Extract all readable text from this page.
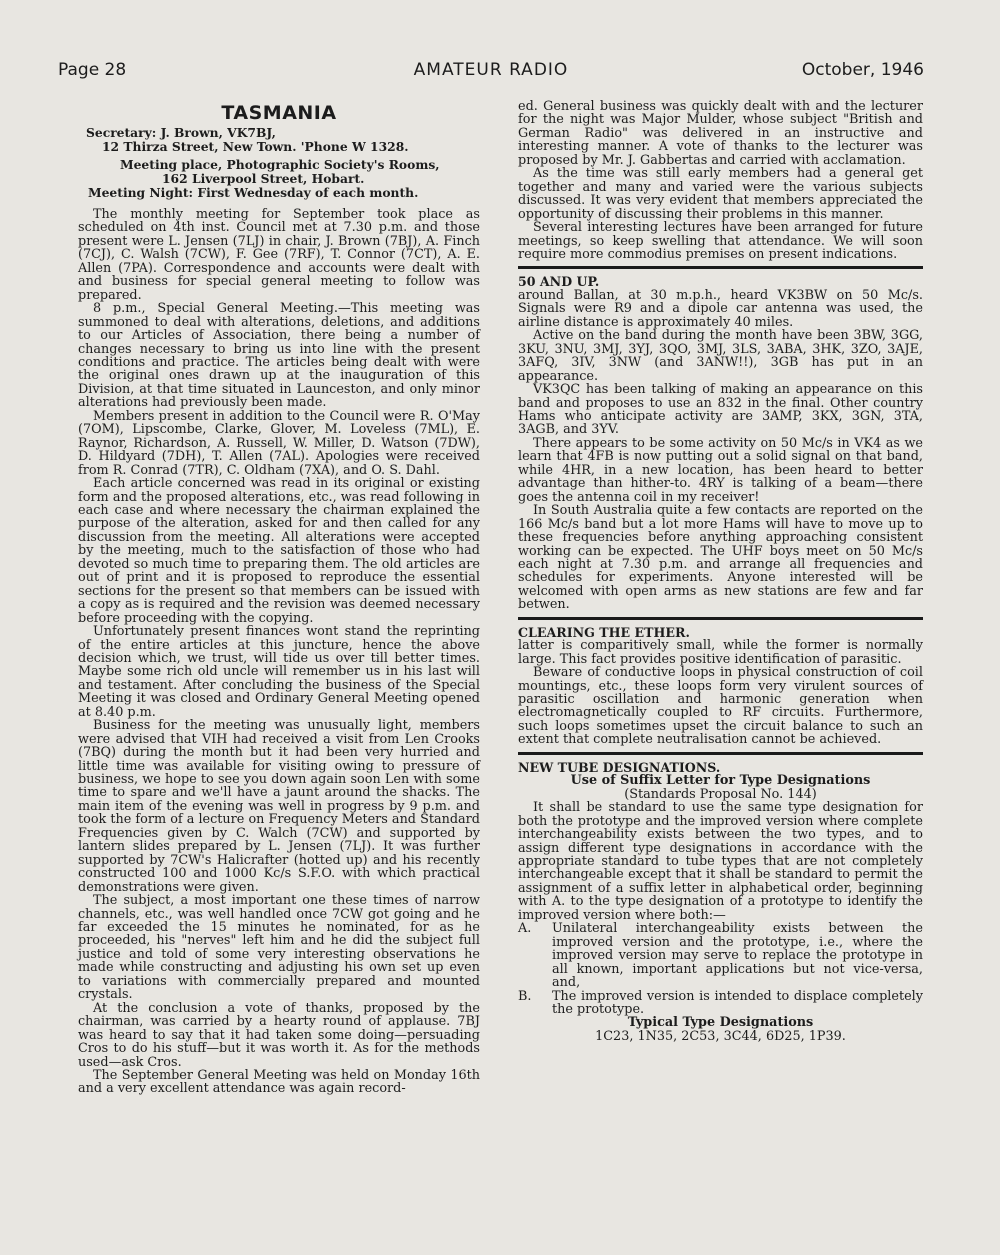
Page 28	AMATEUR RADIO	October, 1946
TASMANIA

Secretary: J. Brown, VK7BJ,

12 Thirza Street, New Town. 'Phone W 1328.

Meeting place, Photographic Society's Rooms,

162 Liverpool Street, Hobart.

Meeting Night: First Wednesday of each month.

The monthly meeting for September took place as scheduled on 4th inst. Council met at 7.30 p.m. and those present were L. Jensen (7LJ) in chair, J. Brown (7BJ), A. Finch (7CJ), C. Walsh (7CW), F. Gee (7RF), T. Connor (7CT), A. E. Allen (7PA). Correspondence and accounts were dealt with and business for special general meeting to follow was prepared.

8 p.m., Special General Meeting.—This meeting was summoned to deal with alterations, deletions, and additions to our Articles of Association, there being a number of changes necessary to bring us into line with the present conditions and practice. The articles being dealt with were the original ones drawn up at the inauguration of this Division, at that time situated in Launceston, and only minor alterations had previously been made.

Members present in addition to the Council were R. O'May (7OM), Lipscombe, Clarke, Glover, M. Loveless (7ML), E. Raynor, Richardson, A. Russell, W. Miller, D. Watson (7DW), D. Hildyard (7DH), T. Allen (7AL). Apologies were received from R. Conrad (7TR), C. Oldham (7XA), and O. S. Dahl.

Each article concerned was read in its original or existing form and the proposed alterations, etc., was read following in each case and where necessary the chairman explained the purpose of the alteration, asked for and then called for any discussion from the meeting. All alterations were accepted by the meeting, much to the satisfaction of those who had devoted so much time to preparing them. The old articles are out of print and it is proposed to reproduce the essential sections for the present so that members can be issued with a copy as is required and the revision was deemed necessary before proceeding with the copying.

Unfortunately present finances wont stand the reprinting of the entire articles at this juncture, hence the above decision which, we trust, will tide us over till better times. Maybe some rich old uncle will remember us in his last will and testament. After concluding the business of the Special Meeting it was closed and Ordinary General Meeting opened at 8.40 p.m.

Business for the meeting was unusually light, members were advised that VIH had received a visit from Len Crooks (7BQ) during the month but it had been very hurried and little time was available for visiting owing to pressure of business, we hope to see you down again soon Len with some time to spare and we'll have a jaunt around the shacks. The main item of the evening was well in progress by 9 p.m. and took the form of a lecture on Frequency Meters and Standard Frequencies given by C. Walch (7CW) and supported by lantern slides prepared by L. Jensen (7LJ). It was further supported by 7CW's Halicrafter (hotted up) and his recently constructed 100 and 1000 Kc/s S.F.O. with which practical demonstrations were given.

The subject, a most important one these times of narrow channels, etc., was well handled once 7CW got going and he far exceeded the 15 minutes he nominated, for as he proceeded, his "nerves" left him and he did the subject full justice and told of some very interesting observations he made while constructing and adjusting his own set up even to variations with commercially prepared and mounted crystals.

At the conclusion a vote of thanks, proposed by the chairman, was carried by a hearty round of applause. 7BJ was heard to say that it had taken some doing—persuading Cros to do his stuff—but it was worth it. As for the methods used—ask Cros.

The September General Meeting was held on Monday 16th and a very excellent attendance was again record-

ed. General business was quickly dealt with and the lecturer for the night was Major Mulder, whose subject "British and German Radio" was delivered in an instructive and interesting manner. A vote of thanks to the lecturer was proposed by Mr. J. Gabbertas and carried with acclamation.

As the time was still early members had a general get together and many and varied were the various subjects discussed. It was very evident that members appreciated the opportunity of discussing their problems in this manner.

Several interesting lectures have been arranged for future meetings, so keep swelling that attendance. We will soon require more commodius premises on present indications.

50 AND UP.

around Ballan, at 30 m.p.h., heard VK3BW on 50 Mc/s. Signals were R9 and a dipole car antenna was used, the airline distance is approximately 40 miles.

Active on the band during the month have been 3BW, 3GG, 3KU, 3NU, 3MJ, 3YJ, 3QO, 3MJ, 3LS, 3ABA, 3HK, 3ZO, 3AJE, 3AFQ, 3IV, 3NW (and 3ANW!!), 3GB has put in an appearance.

VK3QC has been talking of making an appearance on this band and proposes to use an 832 in the final. Other country Hams who anticipate activity are 3AMP, 3KX, 3GN, 3TA, 3AGB, and 3YV.

There appears to be some activity on 50 Mc/s in VK4 as we learn that 4FB is now putting out a solid signal on that band, while 4HR, in a new location, has been heard to better advantage than hither-to. 4RY is talking of a beam—there goes the antenna coil in my receiver!

In South Australia quite a few contacts are reported on the 166 Mc/s band but a lot more Hams will have to move up to these frequencies before anything approaching consistent working can be expected. The UHF boys meet on 50 Mc/s each night at 7.30 p.m. and arrange all frequencies and schedules for experiments. Anyone interested will be welcomed with open arms as new stations are few and far betwen.

CLEARING THE ETHER.

latter is comparitively small, while the former is normally large. This fact provides positive identification of parasitic.

Beware of conductive loops in physical construction of coil mountings, etc., these loops form very virulent sources of parasitic oscillation and harmonic generation when electromagnetically coupled to RF circuits. Furthermore, such loops sometimes upset the circuit balance to such an extent that complete neutralisation cannot be achieved.

NEW TUBE DESIGNATIONS.

Use of Suffix Letter for Type Designations

(Standards Proposal No. 144)

It shall be standard to use the same type designation for both the prototype and the improved version where complete interchangeability exists between the two types, and to assign different type designations in accordance with the appropriate standard to tube types that are not completely interchangeable except that it shall be standard to permit the assignment of a suffix letter in alphabetical order, beginning with A. to the type designation of a prototype to identify the improved version where both:—

A.	Unilateral interchangeability exists between the improved version and the prototype, i.e., where the improved version may serve to replace the prototype in all known, important applications but not vice-versa, and,
B.	The improved version is intended to displace completely the prototype.

Typical Type Designations

1C23, 1N35, 2C53, 3C44, 6D25, 1P39.
